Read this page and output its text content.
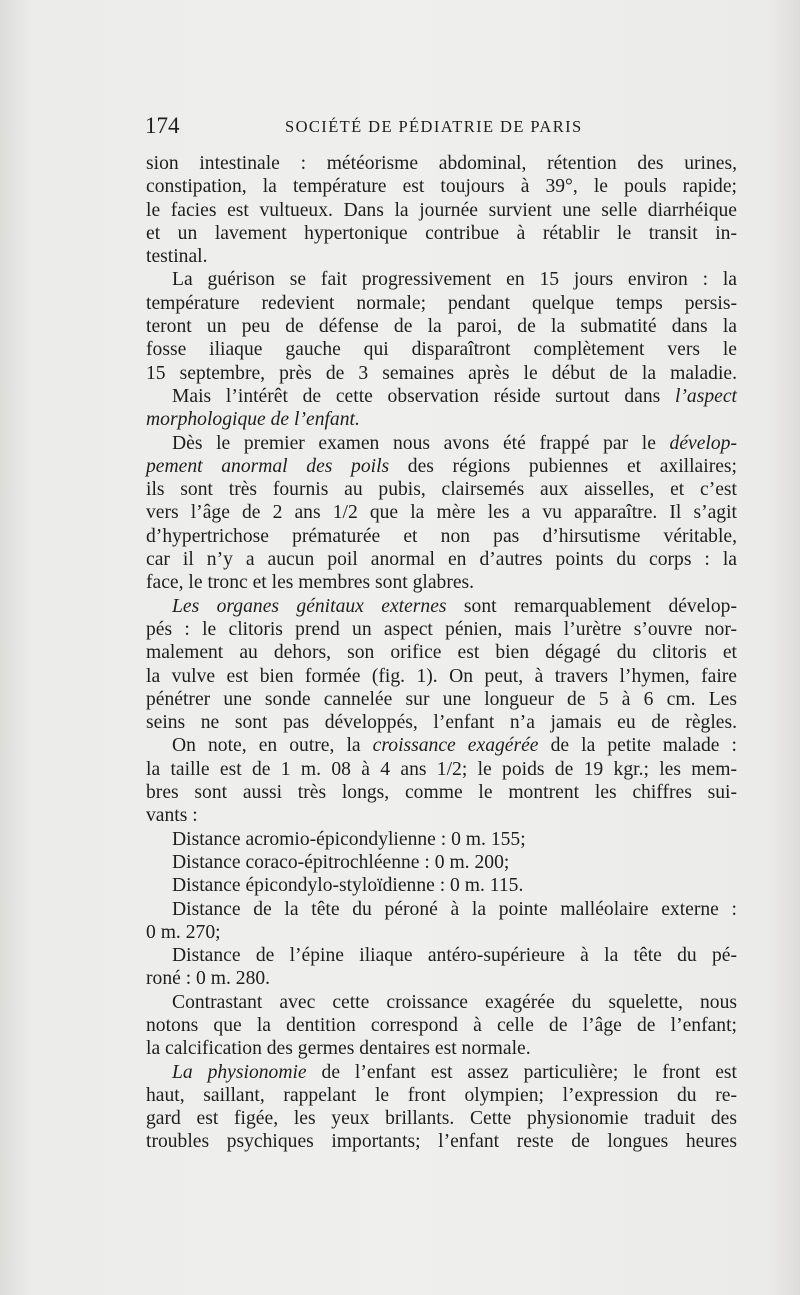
174	SOCIÉTÉ DE PÉDIATRIE DE PARIS
sion intestinale : météorisme abdominal, rétention des urines,
constipation, la température est toujours à 39°, le pouls rapide;
le facies est vultueux. Dans la journée survient une selle diarrhéique
et un lavement hypertonique contribue à rétablir le transit in-
testinal.
La guérison se fait progressivement en 15 jours environ : la
température redevient normale; pendant quelque temps persis-
teront un peu de défense de la paroi, de la submatité dans la
fosse iliaque gauche qui disparaîtront complètement vers le
15 septembre, près de 3 semaines après le début de la maladie.
Mais l’intérêt de cette observation réside surtout dans l’aspect
morphologique de l’enfant.
Dès le premier examen nous avons été frappé par le dévelop-
pement anormal des poils des régions pubiennes et axillaires;
ils sont très fournis au pubis, clairsemés aux aisselles, et c’est
vers l’âge de 2 ans 1/2 que la mère les a vu apparaître. Il s’agit
d’hypertrichose prématurée et non pas d’hirsutisme véritable,
car il n’y a aucun poil anormal en d’autres points du corps : la
face, le tronc et les membres sont glabres.
Les organes génitaux externes sont remarquablement dévelop-
pés : le clitoris prend un aspect pénien, mais l’urètre s’ouvre nor-
malement au dehors, son orifice est bien dégagé du clitoris et
la vulve est bien formée (fig. 1). On peut, à travers l’hymen, faire
pénétrer une sonde cannelée sur une longueur de 5 à 6 cm. Les
seins ne sont pas développés, l’enfant n’a jamais eu de règles.
On note, en outre, la croissance exagérée de la petite malade :
la taille est de 1 m. 08 à 4 ans 1/2; le poids de 19 kgr.; les mem-
bres sont aussi très longs, comme le montrent les chiffres sui-
vants :
Distance acromio-épicondylienne : 0 m. 155;
Distance coraco-épitrochléenne : 0 m. 200;
Distance épicondylo-styloïdienne : 0 m. 115.
Distance de la tête du péroné à la pointe malléolaire externe :
0 m. 270;
Distance de l’épine iliaque antéro-supérieure à la tête du pé-
roné : 0 m. 280.
Contrastant avec cette croissance exagérée du squelette, nous
notons que la dentition correspond à celle de l’âge de l’enfant;
la calcification des germes dentaires est normale.
La physionomie de l’enfant est assez particulière; le front est
haut, saillant, rappelant le front olympien; l’expression du re-
gard est figée, les yeux brillants. Cette physionomie traduit des
troubles psychiques importants; l’enfant reste de longues heures
